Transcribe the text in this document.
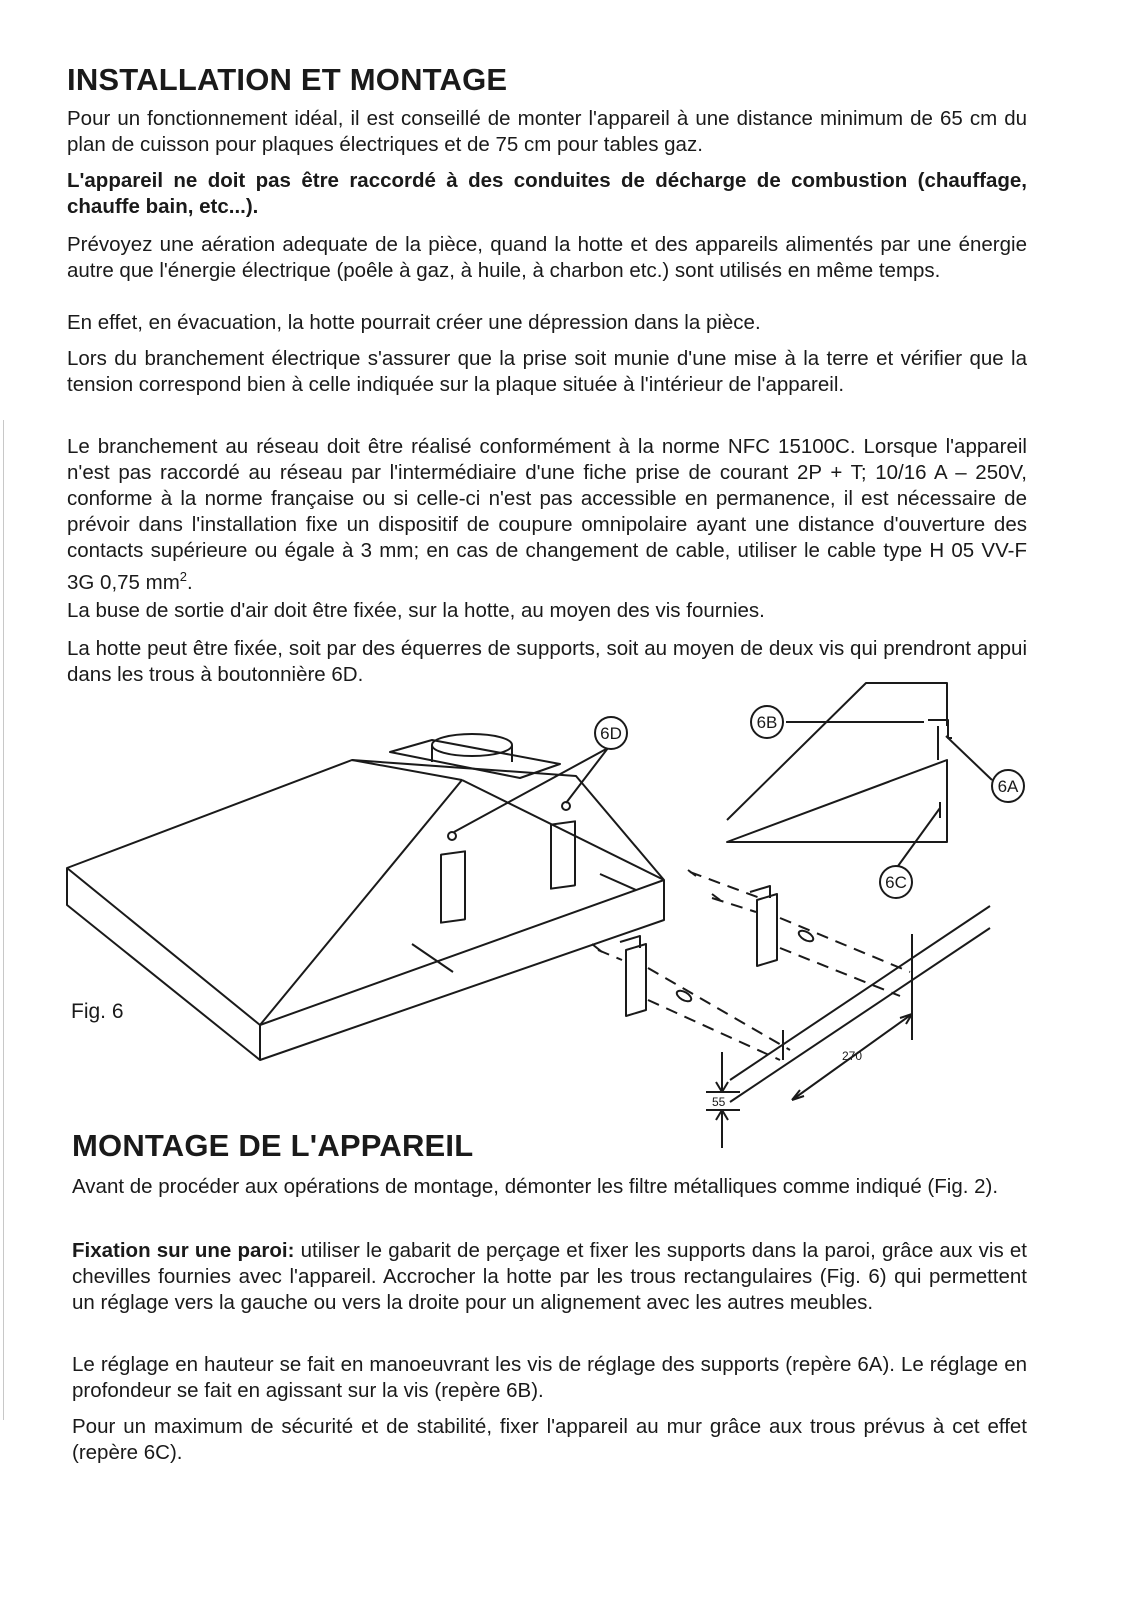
INSTALLATION ET MONTAGE

Pour un fonctionnement idéal, il est conseillé de monter l'appareil à une distance minimum de 65 cm du plan de cuisson pour plaques électriques et de 75 cm pour tables gaz.

L'appareil ne doit pas être raccordé à des conduites de décharge de combustion (chauffage, chauffe bain, etc...).

Prévoyez une aération adequate de la pièce, quand la hotte et des appareils alimentés par une énergie autre que l'énergie électrique (poêle à gaz, à huile, à charbon etc.) sont utilisés en même temps.

En effet, en évacuation, la hotte pourrait créer une dépression dans la pièce.

Lors du branchement électrique s'assurer que la prise soit munie d'une mise à la terre et vérifier que la tension correspond bien à celle indiquée sur la plaque située à l'intérieur de l'appareil.

Le branchement au réseau doit être réalisé conformément à la norme NFC 15100C. Lorsque l'appareil n'est pas raccordé au réseau par l'intermédiaire d'une fiche prise de courant 2P + T; 10/16 A – 250V, conforme à la norme française ou si celle-ci n'est pas accessible en permanence, il est nécessaire de prévoir dans l'installation fixe un dispositif de coupure omnipolaire ayant une distance d'ouverture des contacts supérieure ou égale à 3 mm; en cas de changement de cable, utiliser le cable type H 05 VV-F 3G 0,75 $mm^2$.

La buse de sortie d'air doit être fixée, sur la hotte, au moyen des vis fournies.

La hotte peut être fixée, soit par des équerres de supports, soit au moyen de deux vis qui prendront appui dans les trous à boutonnière 6D.

6D
6B
6A
6C
270
55
Fig. 6
MONTAGE DE L'APPAREIL

Avant de procéder aux opérations de montage, démonter les filtre métalliques comme indiqué (Fig. 2).

Fixation sur une paroi: utiliser le gabarit de perçage et fixer les supports dans la paroi, grâce aux vis et chevilles fournies avec l'appareil. Accrocher la hotte par les trous rectangulaires (Fig. 6) qui permettent un réglage vers la gauche ou vers la droite pour un alignement avec les autres meubles.

Le réglage en hauteur se fait en manoeuvrant les vis de réglage des supports (repère 6A). Le réglage en profondeur se fait en agissant sur la vis (repère 6B).

Pour un maximum de sécurité et de stabilité, fixer l'appareil au mur grâce aux trous prévus à cet effet (repère 6C).
